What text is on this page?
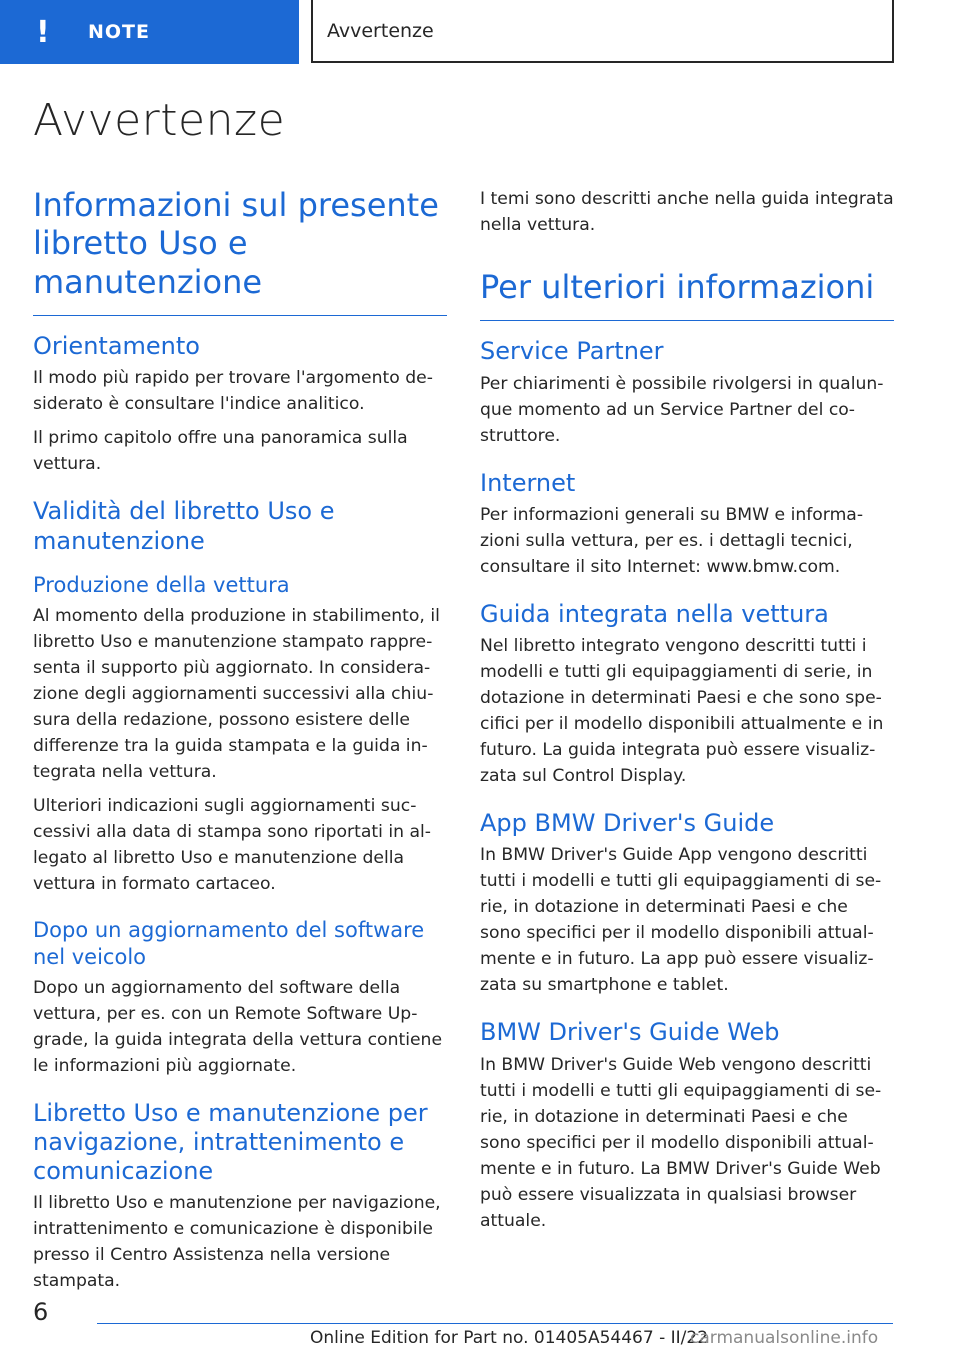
!	NOTE	Avvertenze
Avvertenze
Informazioni sul presente libretto Uso e manutenzione
Orientamento

Il modo più rapido per trovare l'argomento desiderato è consultare l'indice analitico.

Il primo capitolo offre una panoramica sulla vettura.

Validità del libretto Uso e manutenzione
Produzione della vettura

Al momento della produzione in stabilimento, il libretto Uso e manutenzione stampato rappresenta il supporto più aggiornato. In considerazione degli aggiornamenti successivi alla chiusura della redazione, possono esistere delle differenze tra la guida stampata e la guida integrata nella vettura.

Ulteriori indicazioni sugli aggiornamenti successivi alla data di stampa sono riportati in allegato al libretto Uso e manutenzione della vettura in formato cartaceo.

Dopo un aggiornamento del software nel veicolo

Dopo un aggiornamento del software della vettura, per es. con un Remote Software Upgrade, la guida integrata della vettura contiene le informazioni più aggiornate.

Libretto Uso e manutenzione per navigazione, intrattenimento e comunicazione

Il libretto Uso e manutenzione per navigazione, intrattenimento e comunicazione è disponibile presso il Centro Assistenza nella versione stampata.

I temi sono descritti anche nella guida integrata nella vettura.

Per ulteriori informazioni
Service Partner

Per chiarimenti è possibile rivolgersi in qualunque momento ad un Service Partner del costruttore.

Internet

Per informazioni generali su BMW e informazioni sulla vettura, per es. i dettagli tecnici, consultare il sito Internet: www.bmw.com.

Guida integrata nella vettura

Nel libretto integrato vengono descritti tutti i modelli e tutti gli equipaggiamenti di serie, in dotazione in determinati Paesi e che sono specifici per il modello disponibili attualmente e in futuro. La guida integrata può essere visualizzata sul Control Display.

App BMW Driver's Guide

In BMW Driver's Guide App vengono descritti tutti i modelli e tutti gli equipaggiamenti di serie, in dotazione in determinati Paesi e che sono specifici per il modello disponibili attualmente e in futuro. La app può essere visualizzata su smartphone e tablet.

BMW Driver's Guide Web

In BMW Driver's Guide Web vengono descritti tutti i modelli e tutti gli equipaggiamenti di serie, in dotazione in determinati Paesi e che sono specifici per il modello disponibili attualmente e in futuro. La BMW Driver's Guide Web può essere visualizzata in qualsiasi browser attuale.

6
Online Edition for Part no. 01405A54467 - II/22
carmanualsonline.info
